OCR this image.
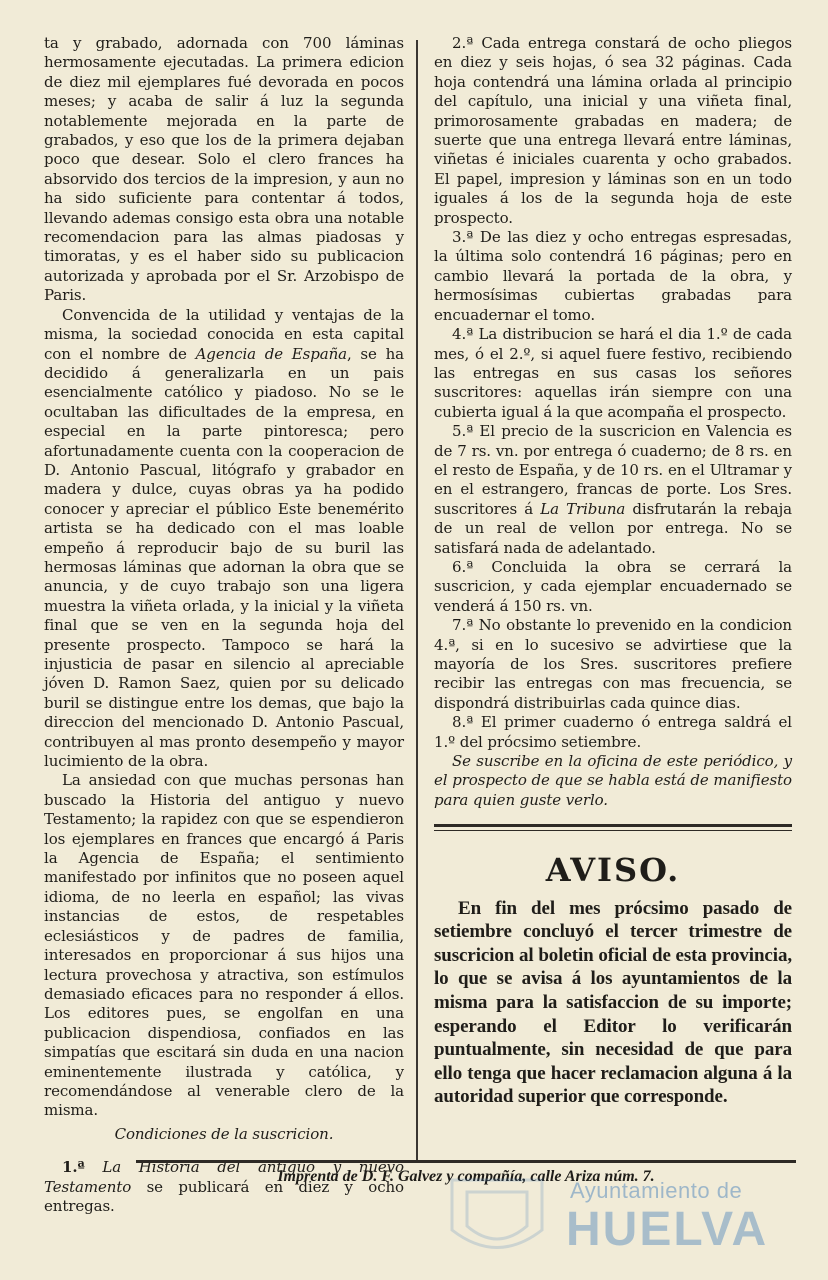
ta y grabado, adornada con 700 láminas hermosamente ejecutadas. La primera edicion de diez mil ejemplares fué devorada en pocos meses; y acaba de salir á luz la segunda notablemente mejorada en la parte de grabados, y eso que los de la primera dejaban poco que desear. Solo el clero frances ha absorvido dos tercios de la impresion, y aun no ha sido suficiente para contentar á todos, llevando ademas consigo esta obra una notable recomendacion para las almas piadosas y timoratas, y es el haber sido su publicacion autorizada y aprobada por el Sr. Arzobispo de Paris.

Convencida de la utilidad y ventajas de la misma, la sociedad conocida en esta capital con el nombre de Agencia de España, se ha decidido á generalizarla en un pais esencialmente católico y piadoso. No se le ocultaban las dificultades de la empresa, en especial en la parte pintoresca; pero afortunadamente cuenta con la cooperacion de D. Antonio Pascual, litógrafo y grabador en madera y dulce, cuyas obras ya ha podido conocer y apreciar el público Este benemérito artista se ha dedicado con el mas loable empeño á reproducir bajo de su buril las hermosas láminas que adornan la obra que se anuncia, y de cuyo trabajo son una ligera muestra la viñeta orlada, y la inicial y la viñeta final que se ven en la segunda hoja del presente prospecto. Tampoco se hará la injusticia de pasar en silencio al apreciable jóven D. Ramon Saez, quien por su delicado buril se distingue entre los demas, que bajo la direccion del mencionado D. Antonio Pascual, contribuyen al mas pronto desempeño y mayor lucimiento de la obra.

La ansiedad con que muchas personas han buscado la Historia del antiguo y nuevo Testamento; la rapidez con que se espendieron los ejemplares en frances que encargó á Paris la Agencia de España; el sentimiento manifestado por infinitos que no poseen aquel idioma, de no leerla en español; las vivas instancias de estos, de respetables eclesiásticos y de padres de familia, interesados en proporcionar á sus hijos una lectura provechosa y atractiva, son estímulos demasiado eficaces para no responder á ellos. Los editores pues, se engolfan en una publicacion dispendiosa, confiados en las simpatías que escitará sin duda en una nacion eminentemente ilustrada y católica, y recomendándose al venerable clero de la misma.

Condiciones de la suscricion.

1.ª La Historia del antiguo y nuevo Testamento se publicará en diez y ocho entregas.

2.ª Cada entrega constará de ocho pliegos en diez y seis hojas, ó sea 32 páginas. Cada hoja contendrá una lámina orlada al principio del capítulo, una inicial y una viñeta final, primorosamente grabadas en madera; de suerte que una entrega llevará entre láminas, viñetas é iniciales cuarenta y ocho grabados. El papel, impresion y láminas son en un todo iguales á los de la segunda hoja de este prospecto.

3.ª De las diez y ocho entregas espresadas, la última solo contendrá 16 páginas; pero en cambio llevará la portada de la obra, y hermosísimas cubiertas grabadas para encuadernar el tomo.

4.ª La distribucion se hará el dia 1.º de cada mes, ó el 2.º, si aquel fuere festivo, recibiendo las entregas en sus casas los señores suscritores: aquellas irán siempre con una cubierta igual á la que acompaña el prospecto.

5.ª El precio de la suscricion en Valencia es de 7 rs. vn. por entrega ó cuaderno; de 8 rs. en el resto de España, y de 10 rs. en el Ultramar y en el estrangero, francas de porte. Los Sres. suscritores á La Tribuna disfrutarán la rebaja de un real de vellon por entrega. No se satisfará nada de adelantado.

6.ª Concluida la obra se cerrará la suscricion, y cada ejemplar encuadernado se venderá á 150 rs. vn.

7.ª No obstante lo prevenido en la condicion 4.ª, si en lo sucesivo se advirtiese que la mayoría de los Sres. suscritores prefiere recibir las entregas con mas frecuencia, se dispondrá distribuirlas cada quince dias.

8.ª El primer cuaderno ó entrega saldrá el 1.º del prócsimo setiembre.

Se suscribe en la oficina de este periódico, y el prospecto de que se habla está de manifiesto para quien guste verlo.

AVISO.

En fin del mes prócsimo pasado de setiembre concluyó el tercer trimestre de suscricion al boletin oficial de esta provincia, lo que se avisa á los ayuntamientos de la misma para la satisfaccion de su importe; esperando el Editor lo verificarán puntualmente, sin necesidad de que para ello tenga que hacer reclamacion alguna á la autoridad superior que corresponde.

Imprenta de D. F. Galvez y compañía, calle Ariza núm. 7.
Ayuntamiento de
HUELVA
